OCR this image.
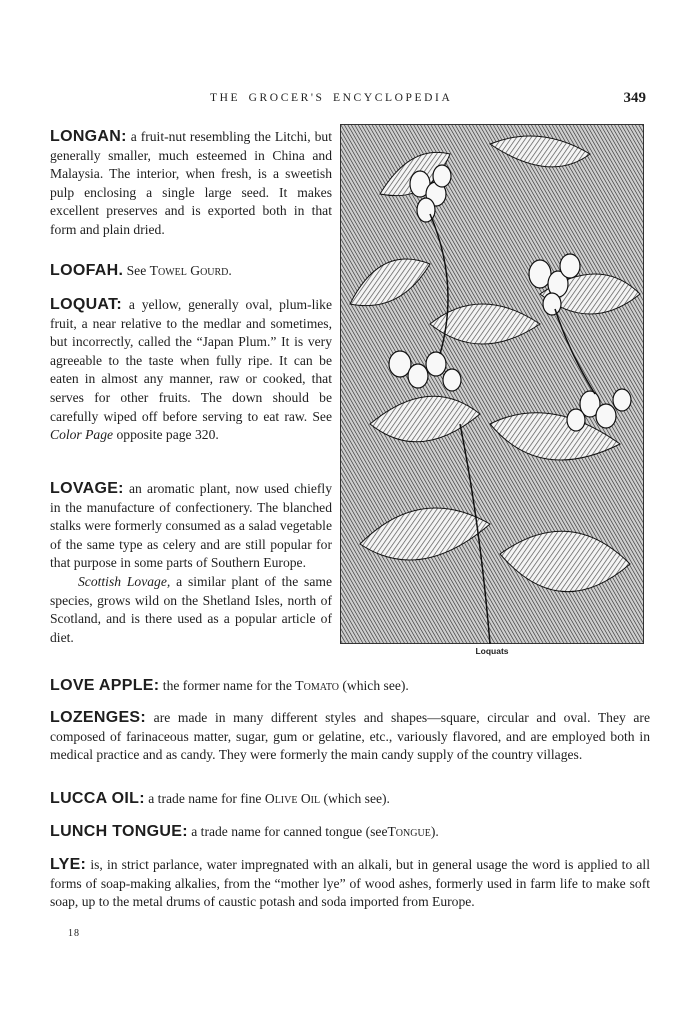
THE GROCER'S ENCYCLOPEDIA	349
LONGAN: a fruit-nut resembling the Litchi, but generally smaller, much esteemed in China and Malaysia. The interior, when fresh, is a sweetish pulp enclosing a single large seed. It makes excellent preserves and is exported both in that form and plain dried.
LOOFAH. See Towel Gourd.
LOQUAT: a yellow, generally oval, plum-like fruit, a near relative to the medlar and sometimes, but incorrectly, called the “Japan Plum.” It is very agreeable to the taste when fully ripe. It can be eaten in almost any manner, raw or cooked, that serves for other fruits. The down should be carefully wiped off before serving to eat raw. See Color Page opposite page 320.
LOVAGE: an aromatic plant, now used chiefly in the manufacture of confectionery. The blanched stalks were formerly consumed as a salad vegetable of the same type as celery and are still popular for that purpose in some parts of Southern Europe.
Scottish Lovage, a similar plant of the same species, grows wild on the Shetland Isles, north of Scotland, and is there used as a popular article of diet.
Loquats
LOVE APPLE: the former name for the Tomato (which see).
LOZENGES: are made in many different styles and shapes—square, circular and oval. They are composed of farinaceous matter, sugar, gum or gelatine, etc., variously flavored, and are employed both in medical practice and as candy. They were formerly the main candy supply of the country villages.
LUCCA OIL: a trade name for fine Olive Oil (which see).
LUNCH TONGUE: a trade name for canned tongue (seeTongue).
LYE: is, in strict parlance, water impregnated with an alkali, but in general usage the word is applied to all forms of soap-making alkalies, from the “mother lye” of wood ashes, formerly used in farm life to make soft soap, up to the metal drums of caustic potash and soda imported from Europe.
18
